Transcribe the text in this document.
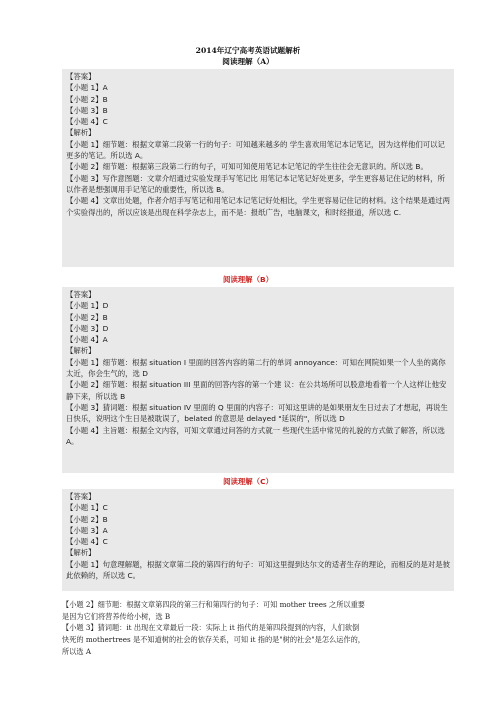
2014年辽宁高考英语试题解析
阅读理解（A）
【答案】
【小题 1】A
【小题 2】B
【小题 3】B
【小题 4】C
【解析】
【小题 1】细节题：根据文章第二段第一行的句子：可知越来越多的 学生喜欢用笔记本记笔记，因为这样他们可以记更多的笔记。所以选 A。
【小题 2】细节题：根据第三段第二行的句子，可知可知使用笔记本记笔记的学生往往会无意识的。所以选 B。
【小题 3】写作意图题：文章介绍通过实验发现手写笔记比 用笔记本记笔记好处更多，学生更容易记住记的材料，所以作者是想强调用手记笔记的重要性，所以选 B。
【小题 4】文章出处题，作者介绍手写笔记和用笔记本记笔记好处相比，学生更容易记住记的材料。这个结果是通过两个实验得出的，所以应该是出现在科学杂志上，而不是：报纸广告，电脑课文，和时经报道，所以选 C.
阅读理解（B）
【答案】
【小题 1】D
【小题 2】B
【小题 3】D
【小题 4】A
【解析】
【小题 1】细节题：根据 situation I 里面的回答内容的第二行的单词 annoyance：可知在网院如果一个人坐的离你太近，你会生气的，选 D
【小题 2】细节题：根据 situation III 里面的回答内容的第一个建 议：在公共场所可以股意地看着一个人这样让他安静下来，所以选 B
【小题 3】猜词题：根据 situation IV 里面的 Q 里面的内容子：可知这里讲的是如果朋友生日过去了才想起，再说生日快乐，说明这个生日是被耽误了，belated 的意思是 delayed "延误的"，所以选 D
【小题 4】主旨题：根据全文内容，可知文章通过问答的方式就一 些现代生活中常见的礼貌的方式做了解答，所以选 A。
阅读理解（C）
【答案】
【小题 1】C
【小题 2】B
【小题 3】A
【小题 4】C
【解析】
【小题 1】句意理解题，根据文章第二段的第四行的句子：可知这里提到达尔文的适者生存的理论，而相反的是对是彼此依赖的，所以选 C。
【小题 2】细节题：根据文章第四段的第三行和第四行的句子：可知 mother trees 之所以重要
是因为它们将营养传给小树，选 B
【小题 3】猜词题：it 出现在文章最后一段：实际上 it 指代的是第四段提到的内容，人们欲倒
快死的 mothertrees 是不知道树的社会的依存关系，可知 it 指的是"树的社会"是怎么运作的，
所以选 A
